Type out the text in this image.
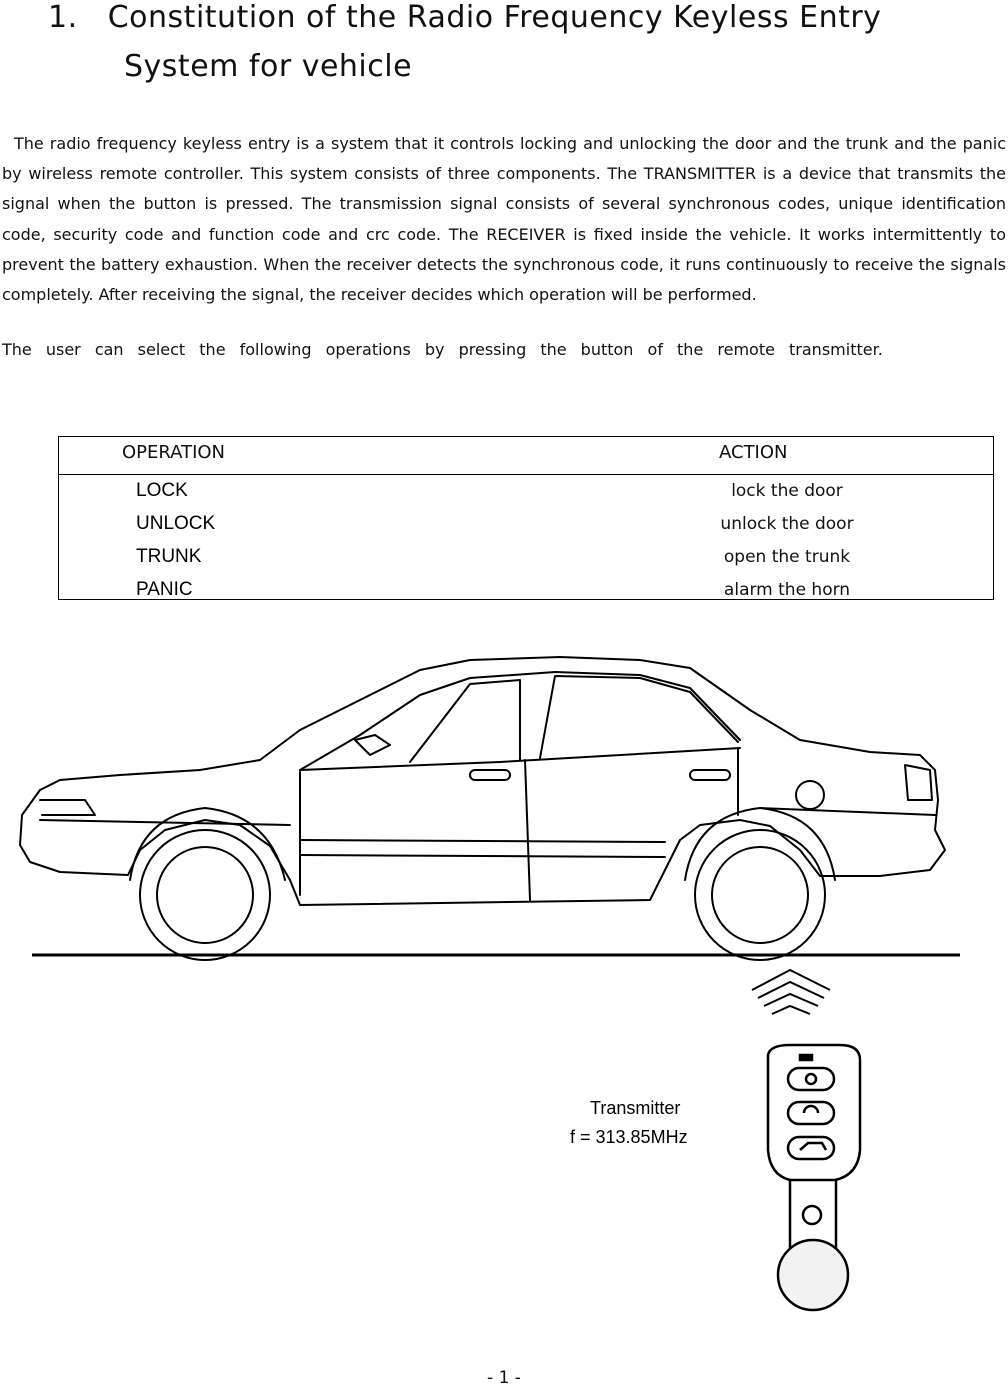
1. Constitution of the Radio Frequency Keyless Entry
System for vehicle

The radio frequency keyless entry is a system that it controls locking and unlocking the door and the trunk and the panic by wireless remote controller. This system consists of three components. The TRANSMITTER is a device that transmits the signal when the button is pressed. The transmission signal consists of several synchronous codes, unique identification code, security code and function code and crc code. The RECEIVER is fixed inside the vehicle. It works intermittently to prevent the battery exhaustion. When the receiver detects the synchronous code, it runs continuously to receive the signals completely. After receiving the signal, the receiver decides which operation will be performed.

The user can select the following operations by pressing the button of the remote transmitter.

OPERATION	ACTION
LOCK	lock the door
UNLOCK	unlock the door
TRUNK	open the trunk
PANIC	alarm the horn
Transmitter
f = 313.85MHz
- 1 -
